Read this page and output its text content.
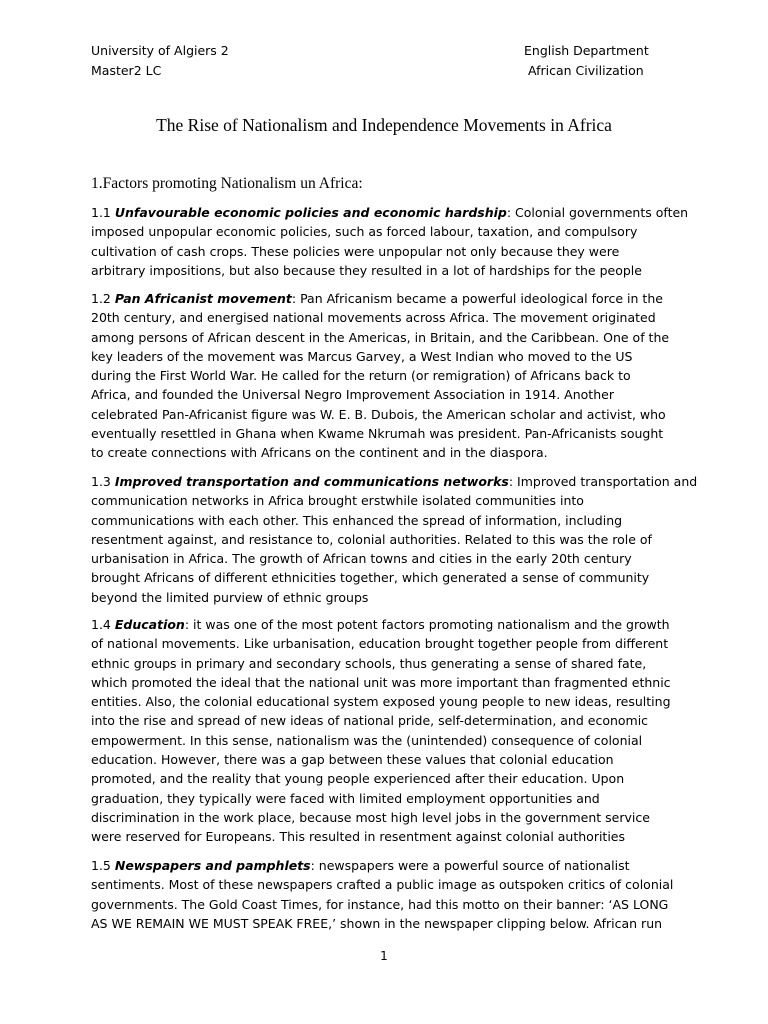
University of Algiers 2
Master2 LC
English Department
African Civilization
The Rise of Nationalism and Independence Movements in Africa
1.Factors promoting Nationalism un Africa:
1.1 Unfavourable economic policies and economic hardship: Colonial governments often
imposed unpopular economic policies, such as forced labour, taxation, and compulsory
cultivation of cash crops. These policies were unpopular not only because they were
arbitrary impositions, but also because they resulted in a lot of hardships for the people
1.2 Pan Africanist movement: Pan Africanism became a powerful ideological force in the
20th century, and energised national movements across Africa. The movement originated
among persons of African descent in the Americas, in Britain, and the Caribbean. One of the
key leaders of the movement was Marcus Garvey, a West Indian who moved to the US
during the First World War. He called for the return (or remigration) of Africans back to
Africa, and founded the Universal Negro Improvement Association in 1914. Another
celebrated Pan-Africanist figure was W. E. B. Dubois, the American scholar and activist, who
eventually resettled in Ghana when Kwame Nkrumah was president. Pan-Africanists sought
to create connections with Africans on the continent and in the diaspora.
1.3 Improved transportation and communications networks: Improved transportation and
communication networks in Africa brought erstwhile isolated communities into
communications with each other. This enhanced the spread of information, including
resentment against, and resistance to, colonial authorities. Related to this was the role of
urbanisation in Africa. The growth of African towns and cities in the early 20th century
brought Africans of different ethnicities together, which generated a sense of community
beyond the limited purview of ethnic groups
1.4 Education: it was one of the most potent factors promoting nationalism and the growth
of national movements. Like urbanisation, education brought together people from different
ethnic groups in primary and secondary schools, thus generating a sense of shared fate,
which promoted the ideal that the national unit was more important than fragmented ethnic
entities. Also, the colonial educational system exposed young people to new ideas, resulting
into the rise and spread of new ideas of national pride, self-determination, and economic
empowerment. In this sense, nationalism was the (unintended) consequence of colonial
education. However, there was a gap between these values that colonial education
promoted, and the reality that young people experienced after their education. Upon
graduation, they typically were faced with limited employment opportunities and
discrimination in the work place, because most high level jobs in the government service
were reserved for Europeans. This resulted in resentment against colonial authorities
1.5 Newspapers and pamphlets: newspapers were a powerful source of nationalist
sentiments. Most of these newspapers crafted a public image as outspoken critics of colonial
governments. The Gold Coast Times, for instance, had this motto on their banner: ‘AS LONG
AS WE REMAIN WE MUST SPEAK FREE,’ shown in the newspaper clipping below. African run
1
